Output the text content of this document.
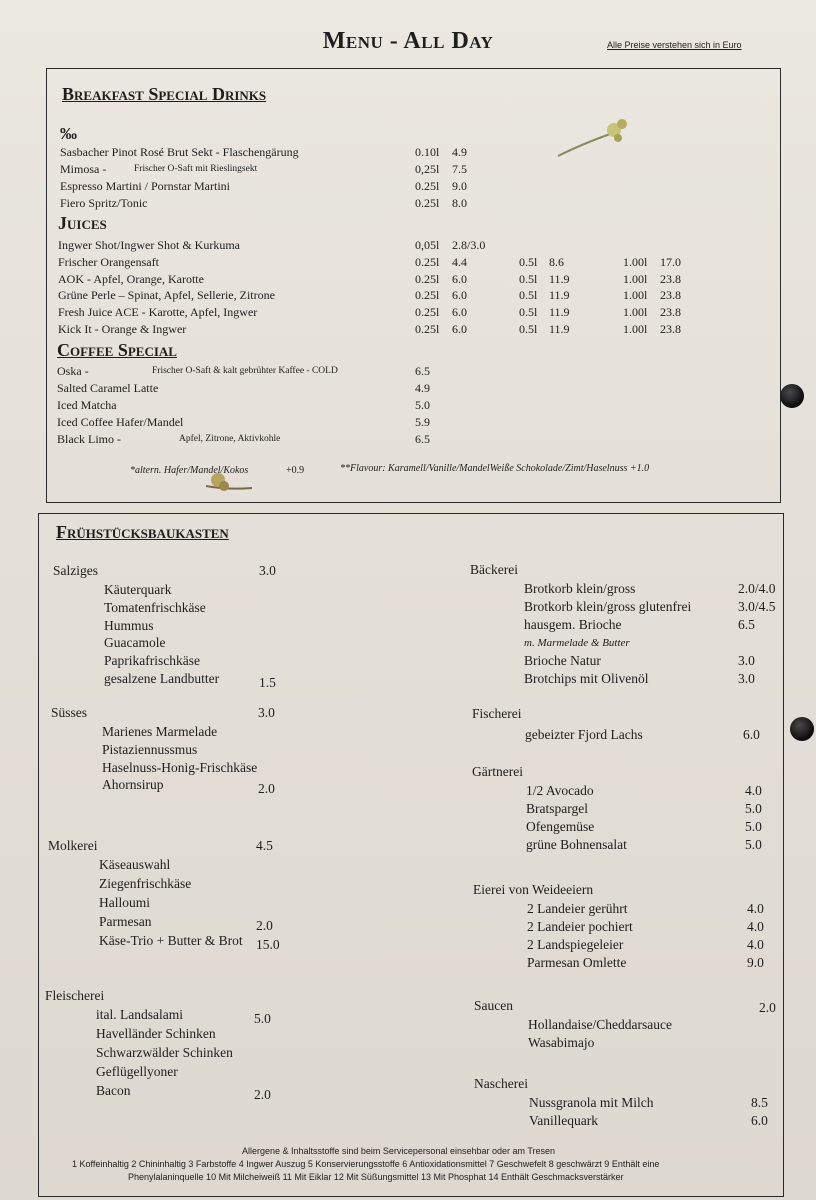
Menu - All Day	Alle Preise verstehen sich in Euro
Breakfast Special Drinks
‰
*altern. Hafer/Mandel/Kokos	+0.9	**Flavour: Karamell/Vanille/MandelWeiße Schokolade/Zimt/Haselnuss +1.0
Allergene & Inhaltsstoffe sind beim Servicepersonal einsehbar oder am Tresen
1 Koffeinhaltig 2 Chininhaltig 3 Farbstoffe 4 Ingwer Auszug 5 Konservierungsstoffe 6 Antioxidationsmittel 7 Geschwefelt 8 geschwärzt 9 Enthält eine
Phenylalaninquelle 10 Mit Milcheiweiß 11 Mit Eiklar 12 Mit Süßungsmittel 13 Mit Phosphat 14 Enthält Geschmacksverstärker
Sasbacher Pinot Rosé Brut Sekt - Flaschengärung	0.10l 4.9
Mimosa -	Frischer O-Saft mit Rieslingsekt	0,25l 7.5
Espresso Martini / Pornstar Martini	0.25l 9.0
Fiero Spritz/Tonic	0.25l 8.0
Juices
Ingwer Shot/Ingwer Shot & Kurkuma	0,05l 2.8/3.0
Frischer Orangensaft	0.25l 4.4	0.5l 8.6	1.00l 17.0
AOK - Apfel, Orange, Karotte	0.25l 6.0	0.5l 11.9	1.00l 23.8
Grüne Perle – Spinat, Apfel, Sellerie, Zitrone	0.25l 6.0	0.5l 11.9	1.00l 23.8
Fresh Juice ACE - Karotte, Apfel, Ingwer	0.25l 6.0	0.5l 11.9	1.00l 23.8
Kick It - Orange & Ingwer	0.25l 6.0	0.5l 11.9	1.00l 23.8
Coffee Special
Oska -	Frischer O-Saft & kalt gebrühter Kaffee - COLD	6.5
Salted Caramel Latte	4.9
Iced Matcha	5.0
Iced Coffee Hafer/Mandel	5.9
Black Limo -	Apfel, Zitrone, Aktivkohle	6.5
Frühstücksbaukasten
Salziges	3.0
Käuterquark
Tomatenfrischkäse
Hummus
Guacamole
Paprikafrischkäse
gesalzene Landbutter	1.5
Süsses	3.0
Marienes Marmelade
Pistaziennussmus
Haselnuss-Honig-Frischkäse
Ahornsirup	2.0
Molkerei	4.5
Käseauswahl
Ziegenfrischkäse
Halloumi
Parmesan	2.0
Käse-Trio + Butter & Brot 15.0
Fleischerei
ital. Landsalami	5.0
Havelländer Schinken
Schwarzwälder Schinken
Geflügellyoner
Bacon	2.0
Bäckerei
Brotkorb klein/gross	2.0/4.0
Brotkorb klein/gross glutenfrei	3.0/4.5
hausgem. Brioche	6.5
m. Marmelade & Butter
Brioche Natur	3.0
Brotchips mit Olivenöl	3.0
Fischerei
gebeizter Fjord Lachs	6.0
Gärtnerei
1/2 Avocado	4.0
Bratspargel	5.0
Ofengemüse	5.0
grüne Bohnensalat	5.0
Eierei von Weideeiern
2 Landeier gerührt	4.0
2 Landeier pochiert	4.0
2 Landspiegeleier	4.0
Parmesan Omlette	9.0
Saucen	2.0
Hollandaise/Cheddarsauce
Wasabimajo
Nascherei
Nussgranola mit Milch	8.5
Vanillequark	6.0
